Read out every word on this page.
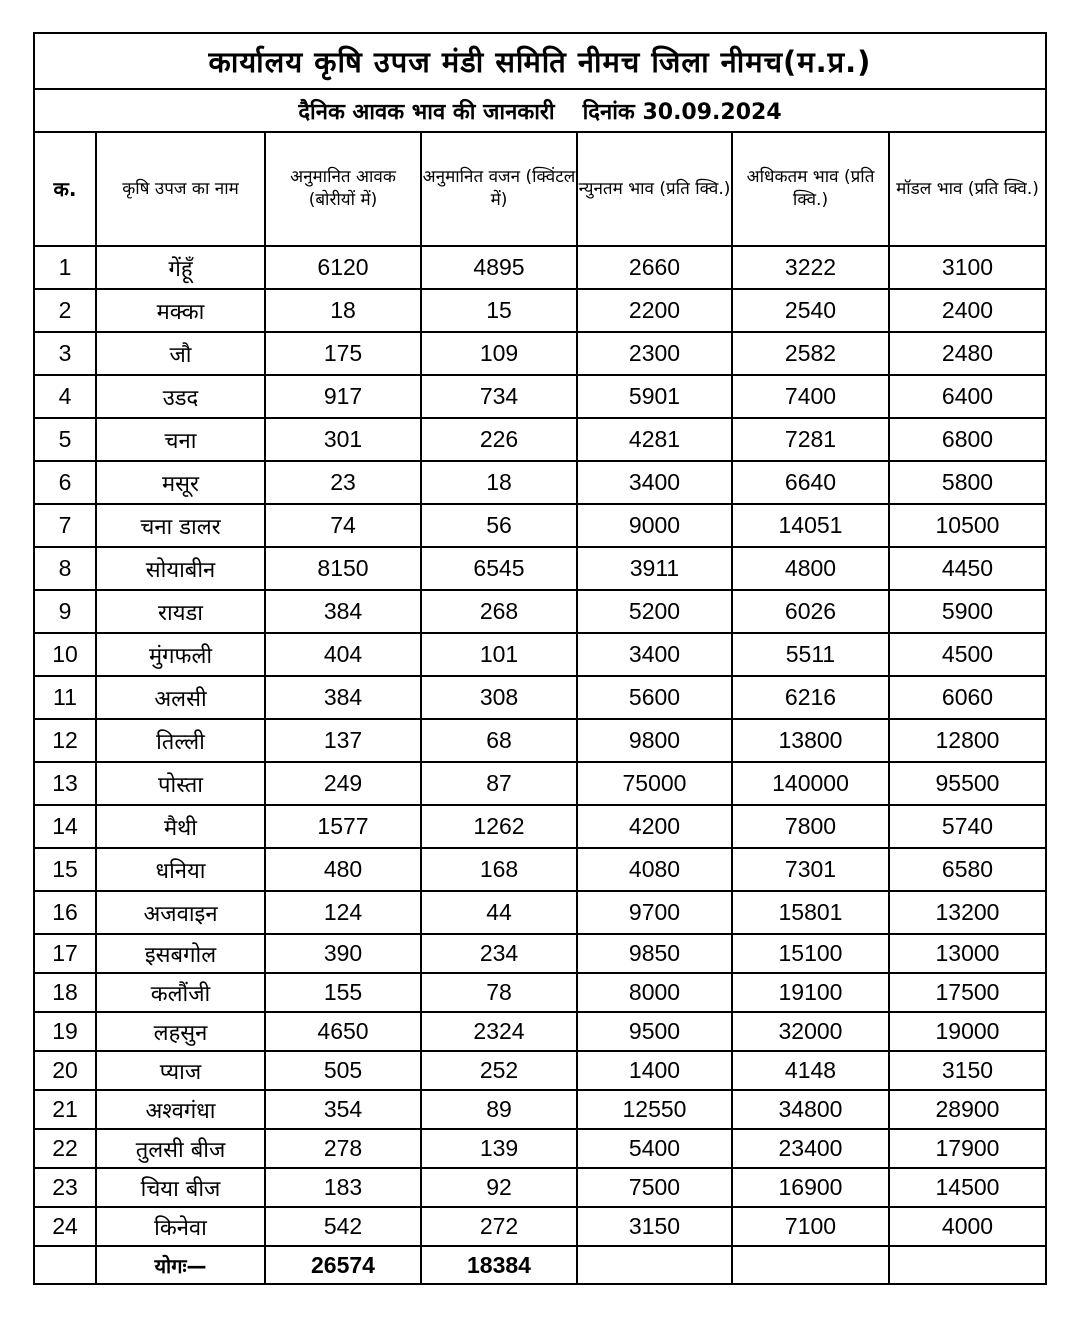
कार्यालय कृषि उपज मंडी समिति नीमच जिला नीमच(म.प्र.)						
दैनिक आवक भाव की जानकारी दिनांक 30.09.2024						
क.	कृषि उपज का नाम	अनुमानित आवक (बोरीयों में)	अनुमानित वजन (क्विंटल में)	न्युनतम भाव (प्रति क्वि.)	अधिकतम भाव (प्रति क्वि.)	मॉडल भाव (प्रति क्वि.)
1	गेंहूँ	6120	4895	2660	3222	3100
2	मक्का	18	15	2200	2540	2400
3	जौ	175	109	2300	2582	2480
4	उडद	917	734	5901	7400	6400
5	चना	301	226	4281	7281	6800
6	मसूर	23	18	3400	6640	5800
7	चना डालर	74	56	9000	14051	10500
8	सोयाबीन	8150	6545	3911	4800	4450
9	रायडा	384	268	5200	6026	5900
10	मुंगफली	404	101	3400	5511	4500
11	अलसी	384	308	5600	6216	6060
12	तिल्ली	137	68	9800	13800	12800
13	पोस्ता	249	87	75000	140000	95500
14	मैथी	1577	1262	4200	7800	5740
15	धनिया	480	168	4080	7301	6580
16	अजवाइन	124	44	9700	15801	13200
17	इसबगोल	390	234	9850	15100	13000
18	कलौंजी	155	78	8000	19100	17500
19	लहसुन	4650	2324	9500	32000	19000
20	प्याज	505	252	1400	4148	3150
21	अश्वगंधा	354	89	12550	34800	28900
22	तुलसी बीज	278	139	5400	23400	17900
23	चिया बीज	183	92	7500	16900	14500
24	किनेवा	542	272	3150	7100	4000
	योगः—	26574	18384			
